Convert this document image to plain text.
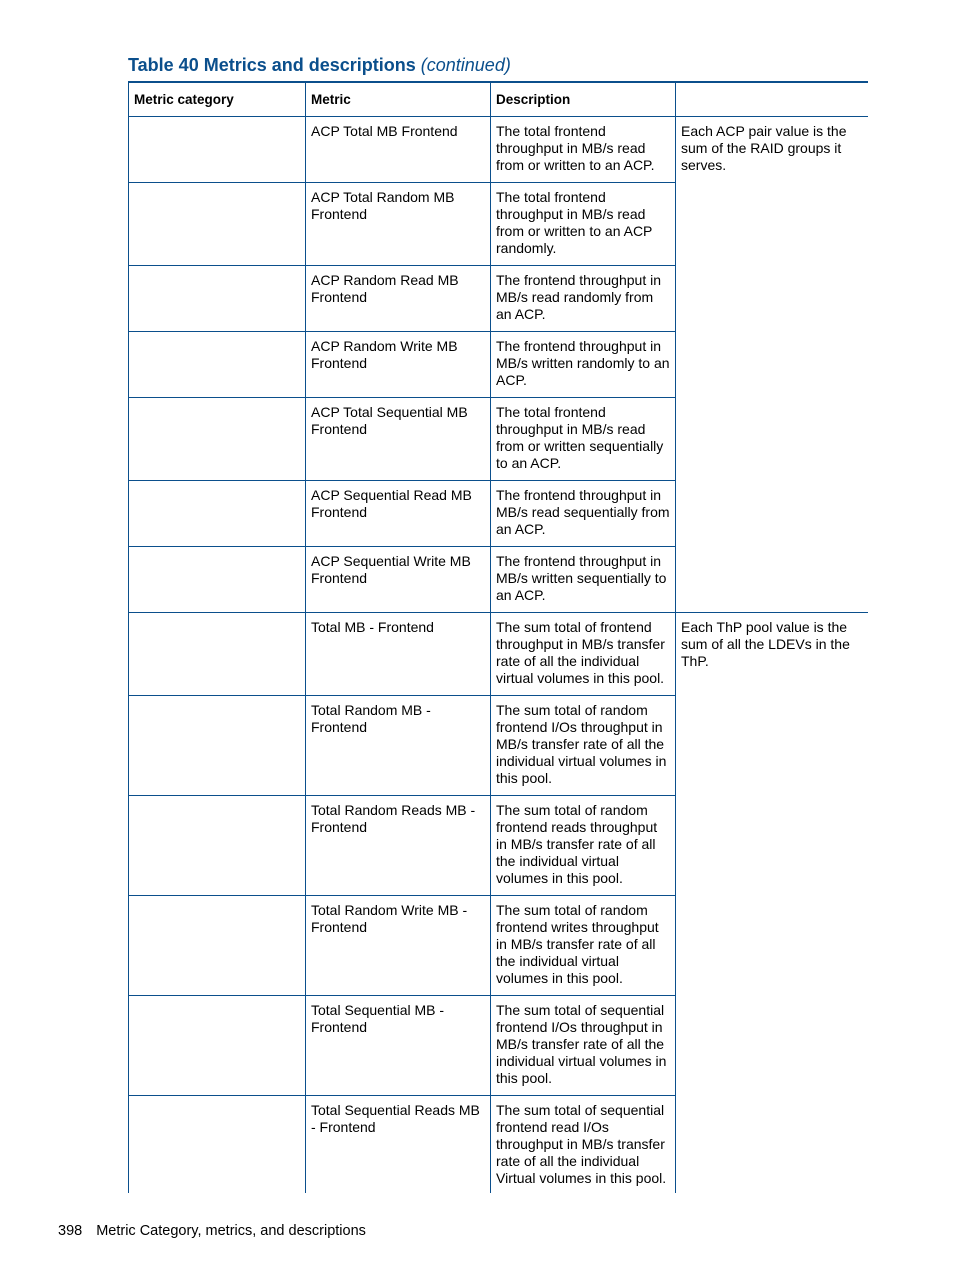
Table 40 Metrics and descriptions (continued)
Metric category	Metric	Description	
	ACP Total MB Frontend	The total frontend throughput in MB/s read from or written to an ACP.	Each ACP pair value is the sum of the RAID groups it serves.
	ACP Total Random MB Frontend	The total frontend throughput in MB/s read from or written to an ACP randomly.	
	ACP Random Read MB Frontend	The frontend throughput in MB/s read randomly from an ACP.	
	ACP Random Write MB Frontend	The frontend throughput in MB/s written randomly to an ACP.	
	ACP Total Sequential MB Frontend	The total frontend throughput in MB/s read from or written sequentially to an ACP.	
	ACP Sequential Read MB Frontend	The frontend throughput in MB/s read sequentially from an ACP.	
	ACP Sequential Write MB Frontend	The frontend throughput in MB/s written sequentially to an ACP.	
	Total MB - Frontend	The sum total of frontend throughput in MB/s transfer rate of all the individual virtual volumes in this pool.	Each ThP pool value is the sum of all the LDEVs in the ThP.
	Total Random MB - Frontend	The sum total of random frontend I/Os throughput in MB/s transfer rate of all the individual virtual volumes in this pool.	
	Total Random Reads MB - Frontend	The sum total of random frontend reads throughput in MB/s transfer rate of all the individual virtual volumes in this pool.	
	Total Random Write MB - Frontend	The sum total of random frontend writes throughput in MB/s transfer rate of all the individual virtual volumes in this pool.	
	Total Sequential MB - Frontend	The sum total of sequential frontend I/Os throughput in MB/s transfer rate of all the individual virtual volumes in this pool.	
	Total Sequential Reads MB - Frontend	The sum total of sequential frontend read I/Os throughput in MB/s transfer rate of all the individual Virtual volumes in this pool.	

398 Metric Category, metrics, and descriptions
